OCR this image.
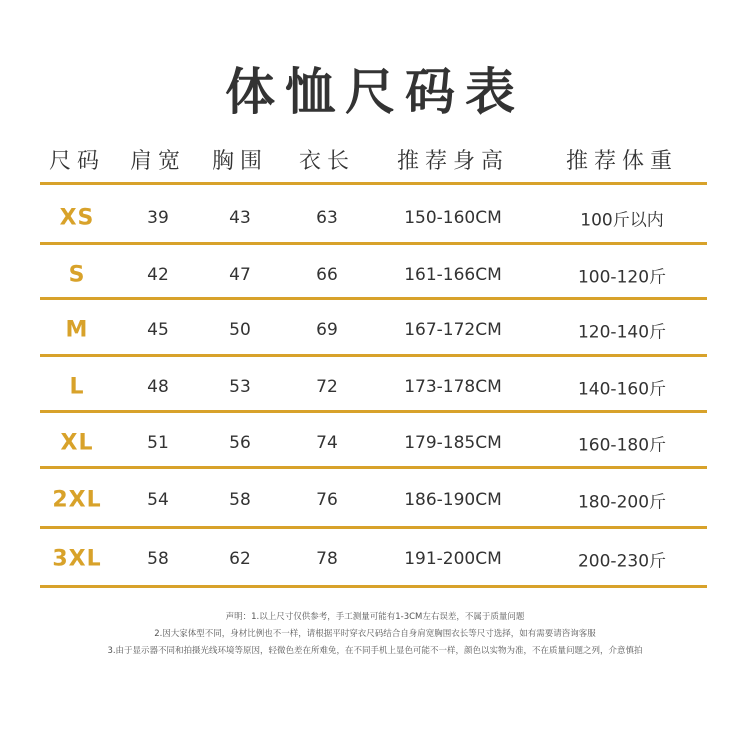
体恤尺码表
尺码 肩宽 胸围 衣长 推荐身高	推荐体重
XS	39	43	63	150-160CM	100斤以内
S	42	47	66	161-166CM	100-120斤
M	45	50	69	167-172CM	120-140斤
L	48	53	72	173-178CM	140-160斤
XL	51	56	74	179-185CM	160-180斤
2XL	54	58	76	186-190CM	180-200斤
3XL	58	62	78	191-200CM	200-230斤
声明：1.以上尺寸仅供参考，手工测量可能有1-3CM左右误差，不属于质量问题
2.因大家体型不同，身材比例也不一样，请根据平时穿衣尺码结合自身肩宽胸围衣长等尺寸选择，如有需要请咨询客服
3.由于显示器不同和拍摄光线环境等原因，轻微色差在所难免，在不同手机上显色可能不一样，颜色以实物为准，不在质量问题之列，介意慎拍
